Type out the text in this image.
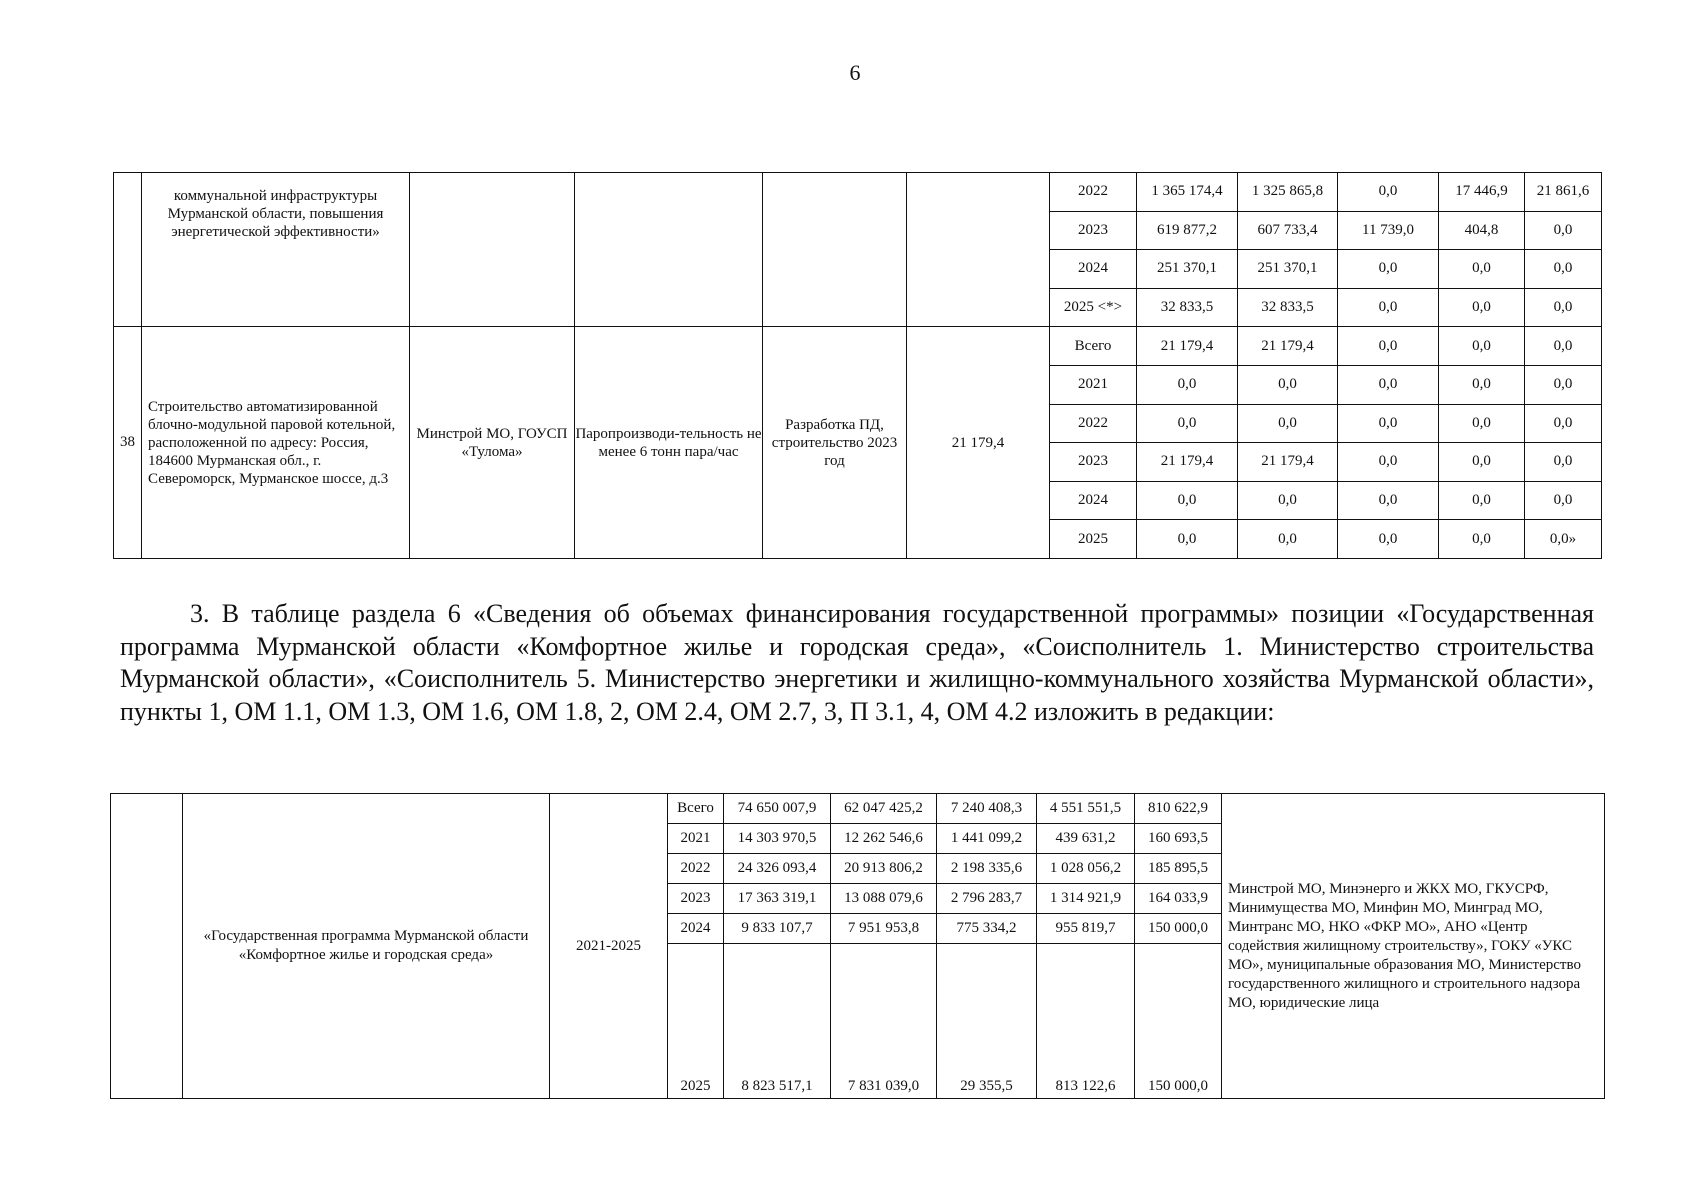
6
	коммунальной инфраструктуры Мурманской области, повышения энергетической эффективности»					2022	1 365 174,4	1 325 865,8	0,0	17 446,9	21 861,6
						2023	619 877,2	607 733,4	11 739,0	404,8	0,0
						2024	251 370,1	251 370,1	0,0	0,0	0,0
						2025 <*>	32 833,5	32 833,5	0,0	0,0	0,0
38	Строительство автоматизированной блочно-модульной паровой котельной, расположенной по адресу: Россия, 184600 Мурманская обл., г. Североморск, Мурманское шоссе, д.3	Минстрой МО, ГОУСП «Тулома»	Паропроизводи-тельность не менее 6 тонн пара/час	Разработка ПД, строительство 2023 год	21 179,4	Всего	21 179,4	21 179,4	0,0	0,0	0,0
						2021	0,0	0,0	0,0	0,0	0,0
						2022	0,0	0,0	0,0	0,0	0,0
						2023	21 179,4	21 179,4	0,0	0,0	0,0
						2024	0,0	0,0	0,0	0,0	0,0
						2025	0,0	0,0	0,0	0,0	0,0»

3. В таблице раздела 6 «Сведения об объемах финансирования государственной программы» позиции «Государственная программа Мурманской области «Комфортное жилье и городская среда», «Соисполнитель 1. Министерство строительства Мурманской области», «Соисполнитель 5. Министерство энергетики и жилищно-коммунального хозяйства Мурманской области», пункты 1, ОМ 1.1, ОМ 1.3, ОМ 1.6, ОМ 1.8, 2, ОМ 2.4, ОМ 2.7, 3, П 3.1, 4, ОМ 4.2 изложить в редакции:

	«Государственная программа Мурманской области «Комфортное жилье и городская среда»	2021-2025	Всего	74 650 007,9	62 047 425,2	7 240 408,3	4 551 551,5	810 622,9	Минстрой МО, Минэнерго и ЖКХ МО, ГКУСРФ, Минимущества МО, Минфин МО, Минград МО, Минтранс МО, НКО «ФКР МО», АНО «Центр содействия жилищному строительству», ГОКУ «УКС МО», муниципальные образования МО, Министерство государственного жилищного и строительного надзора МО, юридические лица
			2021	14 303 970,5	12 262 546,6	1 441 099,2	439 631,2	160 693,5	
			2022	24 326 093,4	20 913 806,2	2 198 335,6	1 028 056,2	185 895,5	
			2023	17 363 319,1	13 088 079,6	2 796 283,7	1 314 921,9	164 033,9	
			2024	9 833 107,7	7 951 953,8	775 334,2	955 819,7	150 000,0	
			2025	8 823 517,1	7 831 039,0	29 355,5	813 122,6	150 000,0	
